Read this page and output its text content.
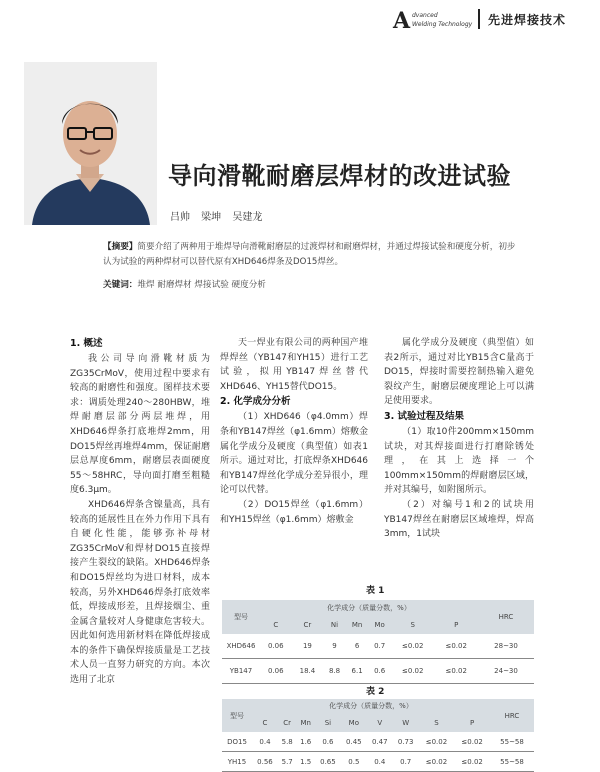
A dvanced
Welding Technology 先进焊接技术
导向滑靴耐磨层焊材的改进试验
吕帅 梁坤 吴建龙
【摘要】简要介绍了两种用于堆焊导向滑靴耐磨层的过渡焊材和耐磨焊材，并通过焊接试验和硬度分析，初步认为试验的两种焊材可以替代原有XHD646焊条及DO15焊丝。
关键词：堆焊 耐磨焊材 焊接试验 硬度分析
1. 概述

我公司导向滑靴材质为ZG35CrMoV，使用过程中要求有较高的耐磨性和强度。图样技术要求：调质处理240～280HBW，堆焊耐磨层部分两层堆焊，用XHD646焊条打底堆焊2mm，用DO15焊丝再堆焊4mm，保证耐磨层总厚度6mm，耐磨层表面硬度55～58HRC，导向面打磨至粗糙度6.3μm。

XHD646焊条含镍量高，具有较高的延展性且在外力作用下具有自硬化性能，能够弥补母材ZG35CrMoV和焊材DO15直接焊接产生裂纹的缺陷。XHD646焊条和DO15焊丝均为进口材料，成本较高，另外XHD646焊条打底效率低，焊接成形差，且焊接烟尘、重金属含量较对人身健康危害较大。因此如何选用新材料在降低焊接成本的条件下确保焊接质量是工艺技术人员一直努力研究的方向。本次选用了北京

天一焊业有限公司的两种国产堆焊焊丝（YB147和YH15）进行工艺试验，拟用YB147焊丝替代XHD646、YH15替代DO15。

2. 化学成分分析

（1）XHD646（φ4.0mm）焊条和YB147焊丝（φ1.6mm）熔敷金属化学成分及硬度（典型值）如表1所示。通过对比，打底焊条XHD646和YB147焊丝化学成分差异很小，理论可以代替。

（2）DO15焊丝（φ1.6mm）和YH15焊丝（φ1.6mm）熔敷金

属化学成分及硬度（典型值）如表2所示，通过对比YB15含C量高于DO15，焊接时需要控制热输入避免裂纹产生，耐磨层硬度理论上可以满足使用要求。

3. 试验过程及结果

（1）取10件200mm×150mm试块，对其焊接面进行打磨除锈处理，在其上选择一个100mm×150mm的焊耐磨层区域，并对其编号，如附图所示。

（2）对编号1和2的试块用YB147焊丝在耐磨层区域堆焊，焊高3mm，1试块

表 1
型号	化学成分（质量分数，%）							HRC
	C	Cr	Ni	Mn	Mo	S	P	
XHD646	0.06	19	9	6	0.7	≤0.02	≤0.02	28~30
YB147	0.06	18.4	8.8	6.1	0.6	≤0.02	≤0.02	24~30
表 2
型号	化学成分（质量分数，%）									HRC
	C	Cr	Mn	Si	Mo	V	W	S	P	
DO15	0.4	5.8	1.6	0.6	0.45	0.47	0.73	≤0.02	≤0.02	55~58
YH15	0.56	5.7	1.5	0.65	0.5	0.4	0.7	≤0.02	≤0.02	55~58
